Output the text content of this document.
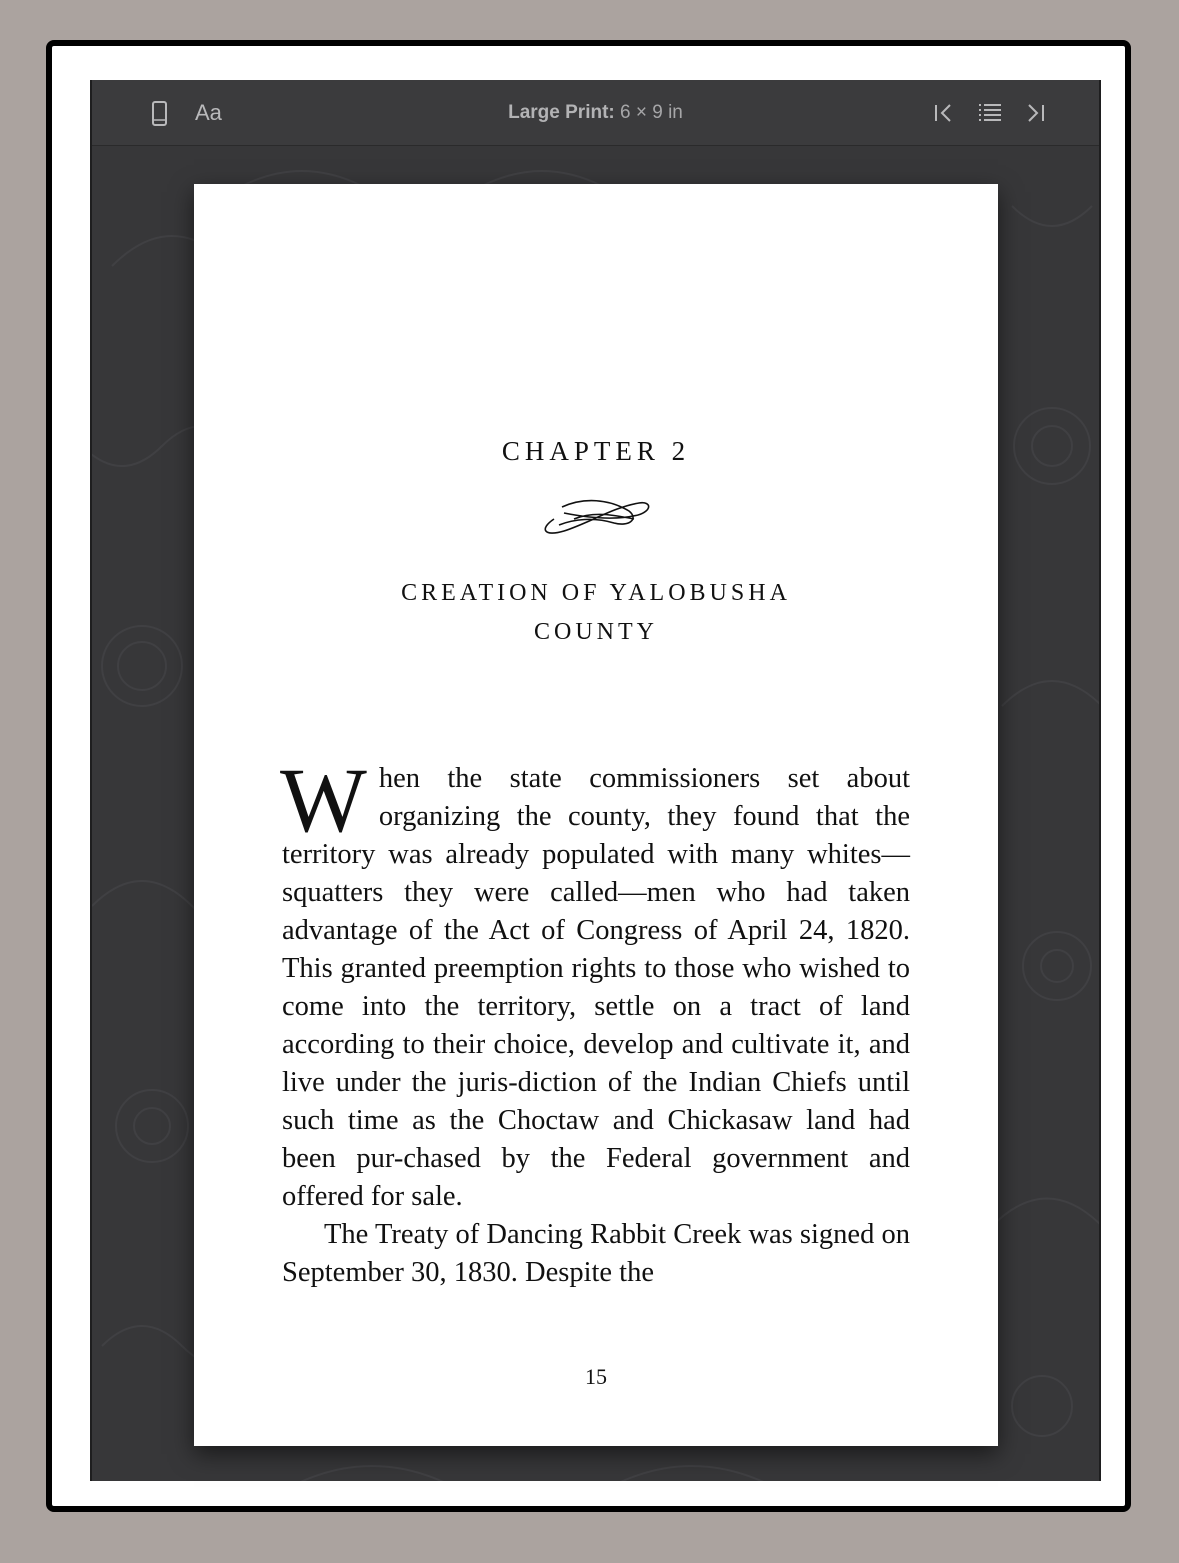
Aa	Large Print: 6 × 9 in
CHAPTER 2
CREATION OF YALOBUSHA
COUNTY

When the state commissioners set about organizing the county, they found that the territory was already populated with many whites—squatters they were called—men who had taken advantage of the Act of Congress of April 24, 1820. This granted preemption rights to those who wished to come into the territory, settle on a tract of land according to their choice, develop and cultivate it, and live under the juris-diction of the Indian Chiefs until such time as the Choctaw and Chickasaw land had been pur-chased by the Federal government and offered for sale.

The Treaty of Dancing Rabbit Creek was signed on September 30, 1830. Despite the

15
